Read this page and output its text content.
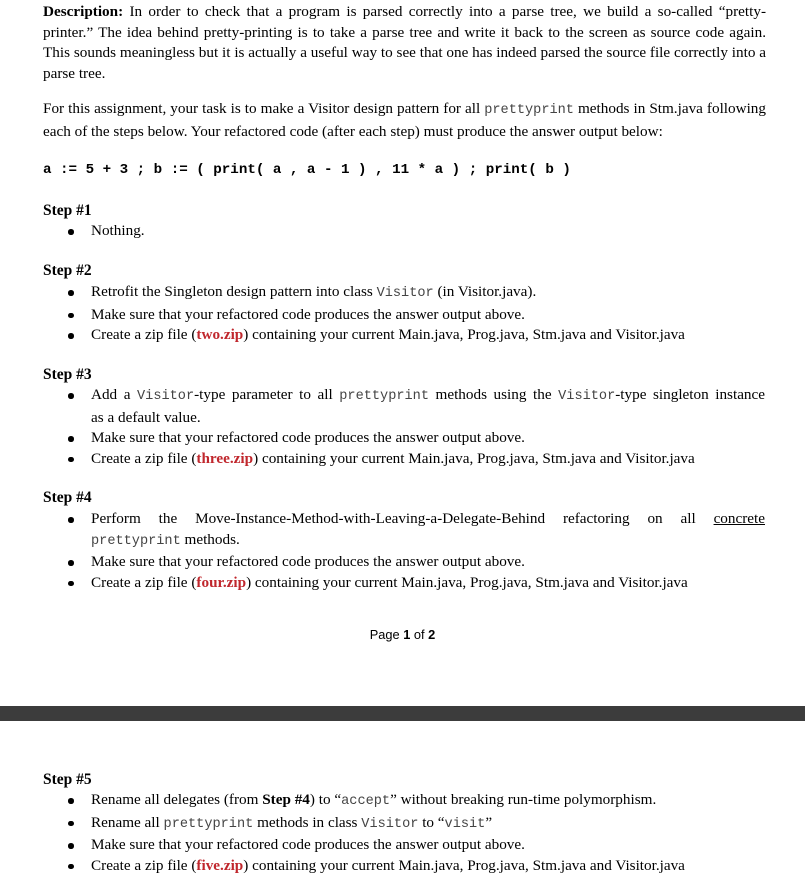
Description: In order to check that a program is parsed correctly into a parse tree, we build a so-called “pretty-printer.” The idea behind pretty-printing is to take a parse tree and write it back to the screen as source code again. This sounds meaningless but it is actually a useful way to see that one has indeed parsed the source file correctly into a parse tree.

For this assignment, your task is to make a Visitor design pattern for all prettyprint methods in Stm.java following each of the steps below. Your refactored code (after each step) must produce the answer output below:

a := 5 + 3 ; b := ( print( a , a - 1 ) , 11 * a ) ; print( b )
Step #1
Nothing.
Step #2
Retrofit the Singleton design pattern into class Visitor (in Visitor.java).
Make sure that your refactored code produces the answer output above.
Create a zip file (two.zip) containing your current Main.java, Prog.java, Stm.java and Visitor.java
Step #3
Add a Visitor-type parameter to all prettyprint methods using the Visitor-type singleton instance
as a default value.
Make sure that your refactored code produces the answer output above.
Create a zip file (three.zip) containing your current Main.java, Prog.java, Stm.java and Visitor.java
Step #4
Perform the Move-Instance-Method-with-Leaving-a-Delegate-Behind refactoring on all concrete
prettyprint methods.
Make sure that your refactored code produces the answer output above.
Create a zip file (four.zip) containing your current Main.java, Prog.java, Stm.java and Visitor.java
Page 1 of 2
Step #5
Rename all delegates (from Step #4) to “accept” without breaking run-time polymorphism.
Rename all prettyprint methods in class Visitor to “visit”
Make sure that your refactored code produces the answer output above.
Create a zip file (five.zip) containing your current Main.java, Prog.java, Stm.java and Visitor.java
